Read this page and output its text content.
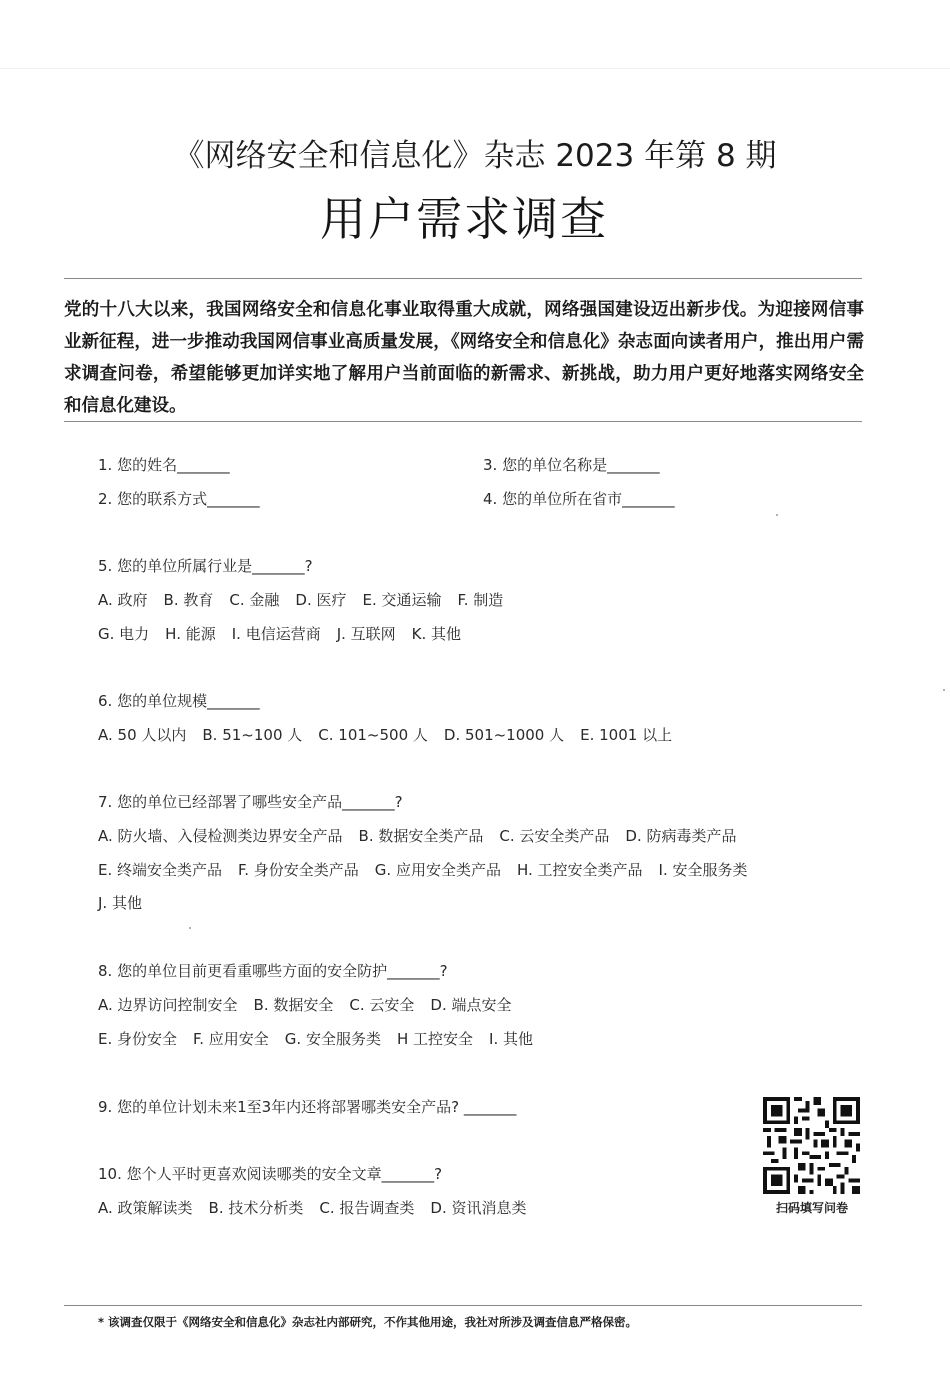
《网络安全和信息化》杂志 2023 年第 8 期
用户需求调查
党的十八大以来，我国网络安全和信息化事业取得重大成就，网络强国建设迈出新步伐。为迎接网信事业新征程，进一步推动我国网信事业高质量发展，《网络安全和信息化》杂志面向读者用户，推出用户需求调查问卷，希望能够更加详实地了解用户当前面临的新需求、新挑战，助力用户更好地落实网络安全和信息化建设。
1. 您的姓名_______	3. 您的单位名称是_______
2. 您的联系方式_______	4. 您的单位所在省市_______
5. 您的单位所属行业是_______?
A. 政府 B. 教育 C. 金融 D. 医疗 E. 交通运输 F. 制造
G. 电力 H. 能源 I. 电信运营商 J. 互联网 K. 其他
6. 您的单位规模_______
A. 50 人以内 B. 51~100 人 C. 101~500 人 D. 501~1000 人 E. 1001 以上
7. 您的单位已经部署了哪些安全产品_______?
A. 防火墙、入侵检测类边界安全产品 B. 数据安全类产品 C. 云安全类产品 D. 防病毒类产品
E. 终端安全类产品 F. 身份安全类产品 G. 应用安全类产品 H. 工控安全类产品 I. 安全服务类
J. 其他
8. 您的单位目前更看重哪些方面的安全防护_______?
A. 边界访问控制安全 B. 数据安全 C. 云安全 D. 端点安全
E. 身份安全 F. 应用安全 G. 安全服务类 H 工控安全 I. 其他
9. 您的单位计划未来1至3年内还将部署哪类安全产品? _______
10. 您个人平时更喜欢阅读哪类的安全文章_______?
A. 政策解读类 B. 技术分析类 C. 报告调查类 D. 资讯消息类	扫码填写问卷
* 该调查仅限于《网络安全和信息化》杂志社内部研究，不作其他用途，我社对所涉及调查信息严格保密。
